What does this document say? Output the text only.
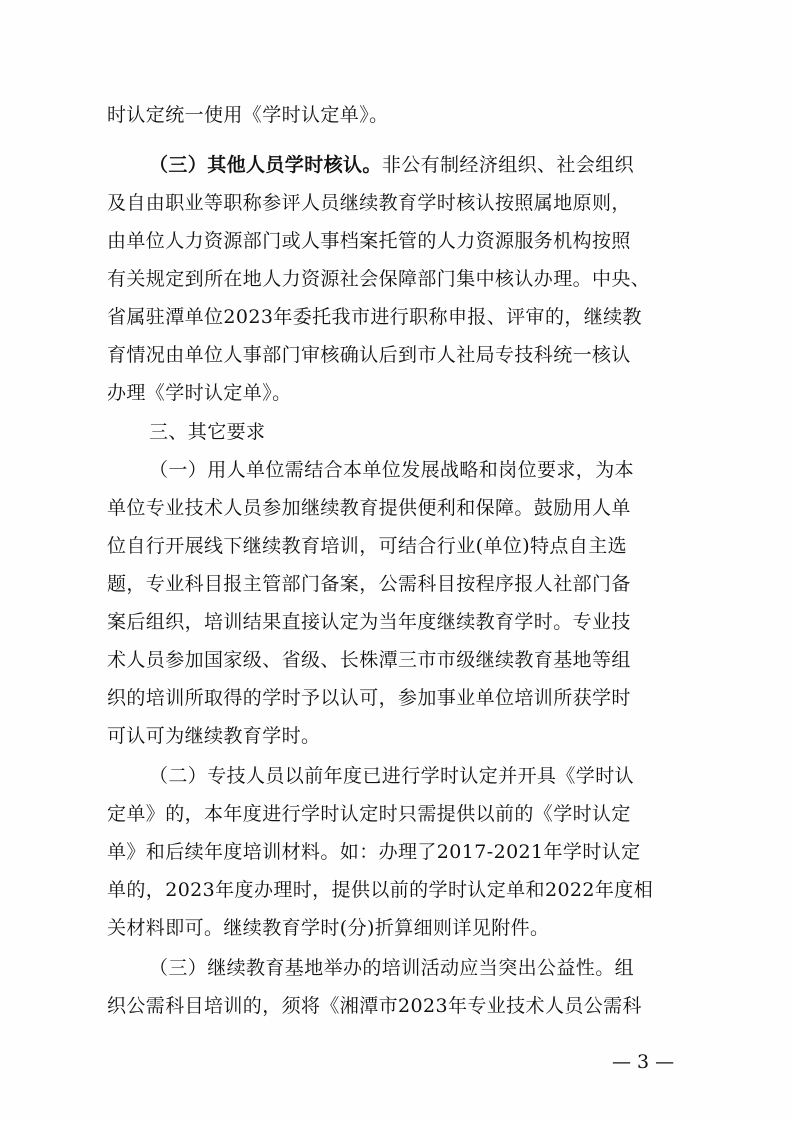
时认定统一使用《学时认定单》。
（三）其他人员学时核认。非公有制经济组织、社会组织
及自由职业等职称参评人员继续教育学时核认按照属地原则，
由单位人力资源部门或人事档案托管的人力资源服务机构按照
有关规定到所在地人力资源社会保障部门集中核认办理。中央、
省属驻潭单位2023年委托我市进行职称申报、评审的，继续教
育情况由单位人事部门审核确认后到市人社局专技科统一核认
办理《学时认定单》。
三、其它要求
（一）用人单位需结合本单位发展战略和岗位要求，为本
单位专业技术人员参加继续教育提供便利和保障。鼓励用人单
位自行开展线下继续教育培训，可结合行业(单位)特点自主选
题，专业科目报主管部门备案，公需科目按程序报人社部门备
案后组织，培训结果直接认定为当年度继续教育学时。专业技
术人员参加国家级、省级、长株潭三市市级继续教育基地等组
织的培训所取得的学时予以认可，参加事业单位培训所获学时
可认可为继续教育学时。
（二）专技人员以前年度已进行学时认定并开具《学时认
定单》的，本年度进行学时认定时只需提供以前的《学时认定
单》和后续年度培训材料。如：办理了2017-2021年学时认定
单的，2023年度办理时，提供以前的学时认定单和2022年度相
关材料即可。继续教育学时(分)折算细则详见附件。
（三）继续教育基地举办的培训活动应当突出公益性。组
织公需科目培训的，须将《湘潭市2023年专业技术人员公需科
— 3 —
